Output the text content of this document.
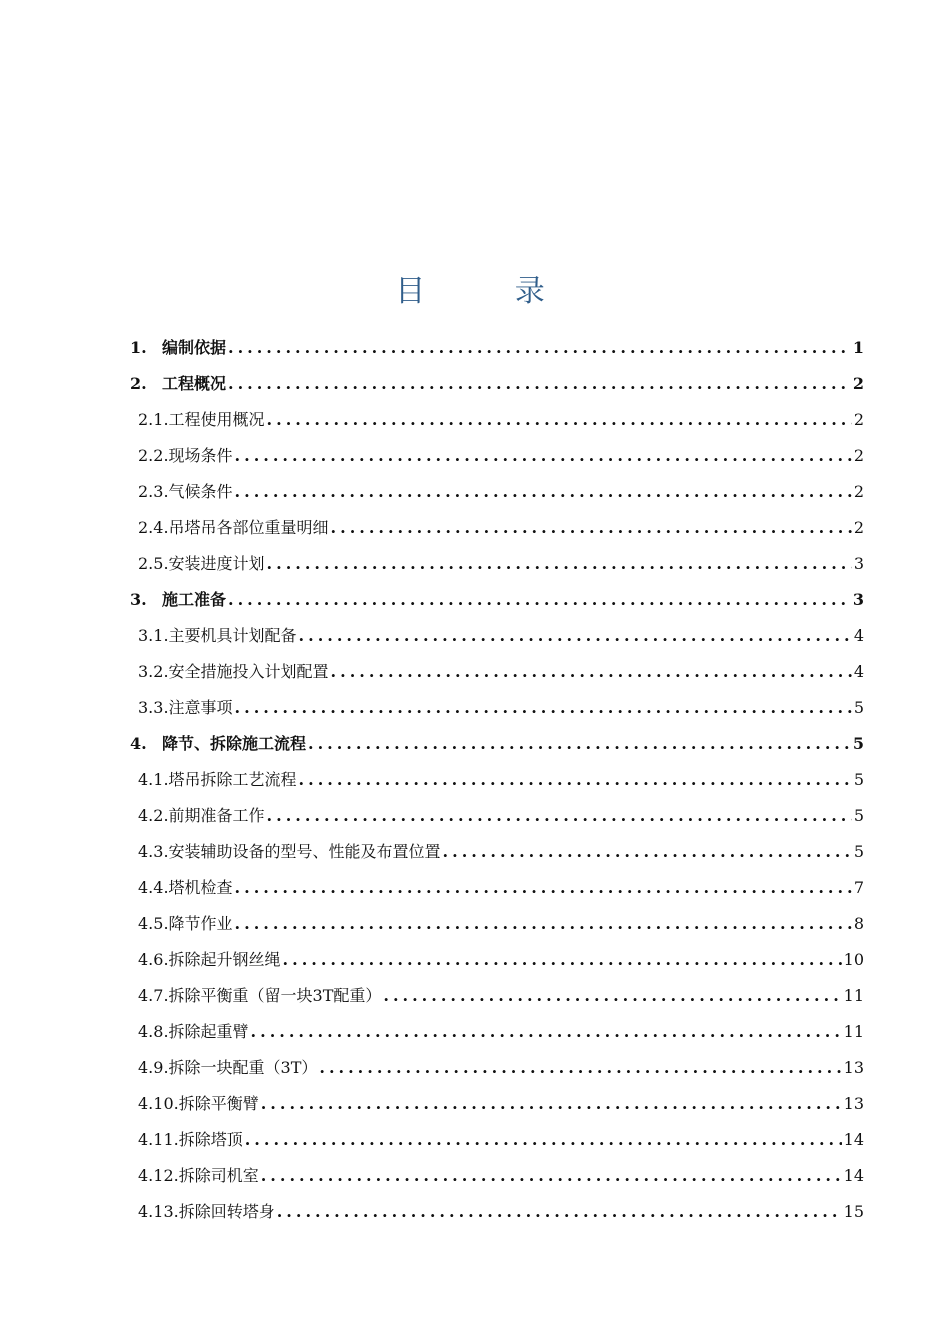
目 录
1. 编制依据 .....	1
2. 工程概况 .....	2
2.1. 工程使用概况 .....	2
2.2. 现场条件 .....	2
2.3. 气候条件 .....	2
2.4. 吊塔吊各部位重量明细 .....	2
2.5. 安装进度计划 .....	3
3. 施工准备 .....	3
3.1. 主要机具计划配备 .....	4
3.2. 安全措施投入计划配置 .....	4
3.3. 注意事项 .....	5
4. 降节、拆除施工流程 .....	5
4.1. 塔吊拆除工艺流程 .....	5
4.2. 前期准备工作 .....	5
4.3. 安装辅助设备的型号、性能及布置位置 .....	5
4.4. 塔机检查 .....	7
4.5. 降节作业 .....	8
4.6. 拆除起升钢丝绳 .....	10
4.7. 拆除平衡重（留一块3T配重） .....	11
4.8. 拆除起重臂 .....	11
4.9. 拆除一块配重（3T） .....	13
4.10. 拆除平衡臂 .....	13
4.11. 拆除塔顶 .....	14
4.12. 拆除司机室 .....	14
4.13. 拆除回转塔身 .....	15
